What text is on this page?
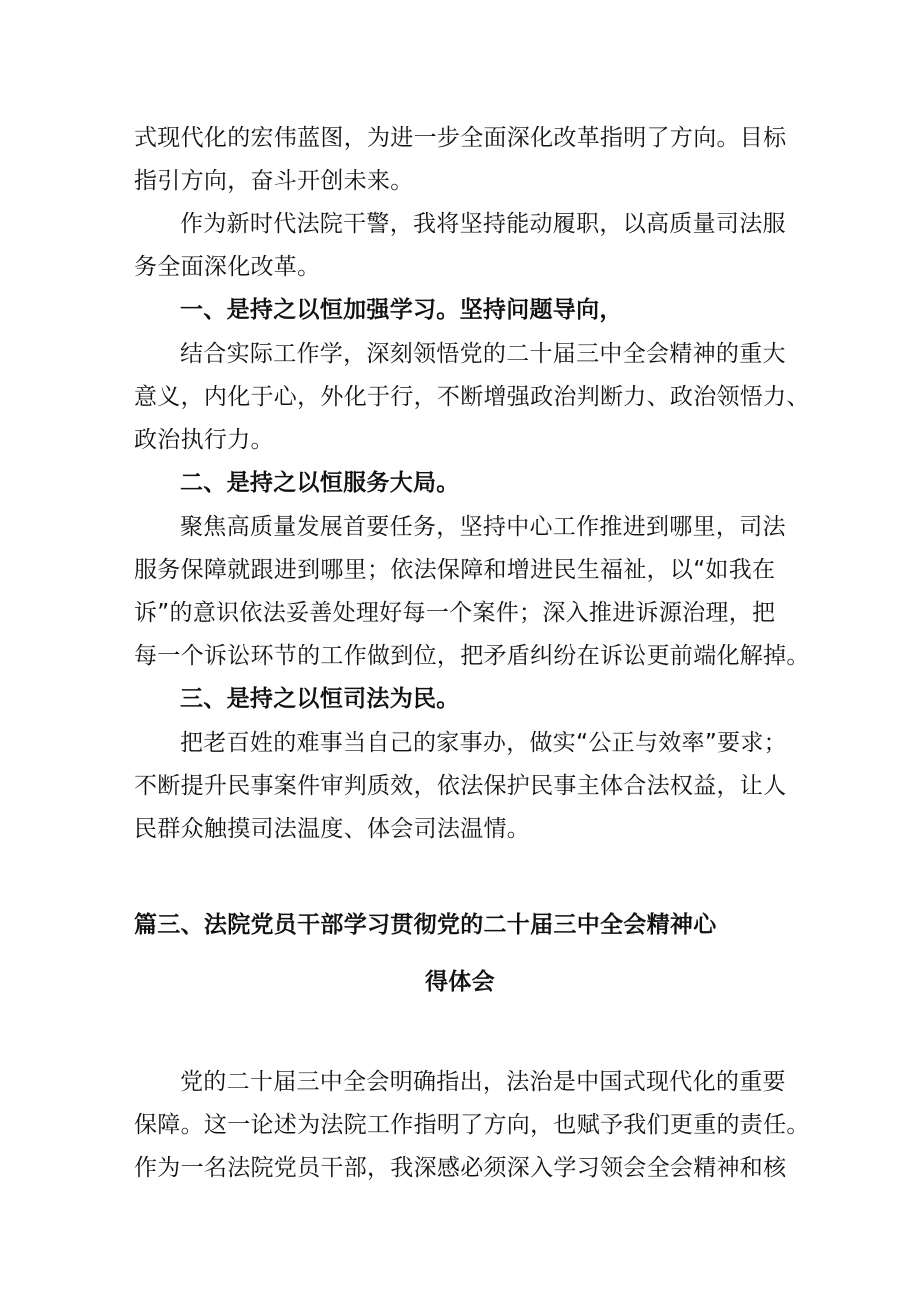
式现代化的宏伟蓝图，为进一步全面深化改革指明了方向。目标
指引方向，奋斗开创未来。
作为新时代法院干警，我将坚持能动履职，以高质量司法服
务全面深化改革。
一、是持之以恒加强学习。坚持问题导向，
结合实际工作学，深刻领悟党的二十届三中全会精神的重大
意义，内化于心，外化于行，不断增强政治判断力、政治领悟力、
政治执行力。
二、是持之以恒服务大局。
聚焦高质量发展首要任务，坚持中心工作推进到哪里，司法
服务保障就跟进到哪里；依法保障和增进民生福祉，以“如我在
诉”的意识依法妥善处理好每一个案件；深入推进诉源治理，把
每一个诉讼环节的工作做到位，把矛盾纠纷在诉讼更前端化解掉。
三、是持之以恒司法为民。
把老百姓的难事当自己的家事办，做实“公正与效率”要求；
不断提升民事案件审判质效，依法保护民事主体合法权益，让人
民群众触摸司法温度、体会司法温情。
篇三、法院党员干部学习贯彻党的二十届三中全会精神心
得体会
党的二十届三中全会明确指出，法治是中国式现代化的重要
保障。这一论述为法院工作指明了方向，也赋予我们更重的责任。
作为一名法院党员干部，我深感必须深入学习领会全会精神和核
